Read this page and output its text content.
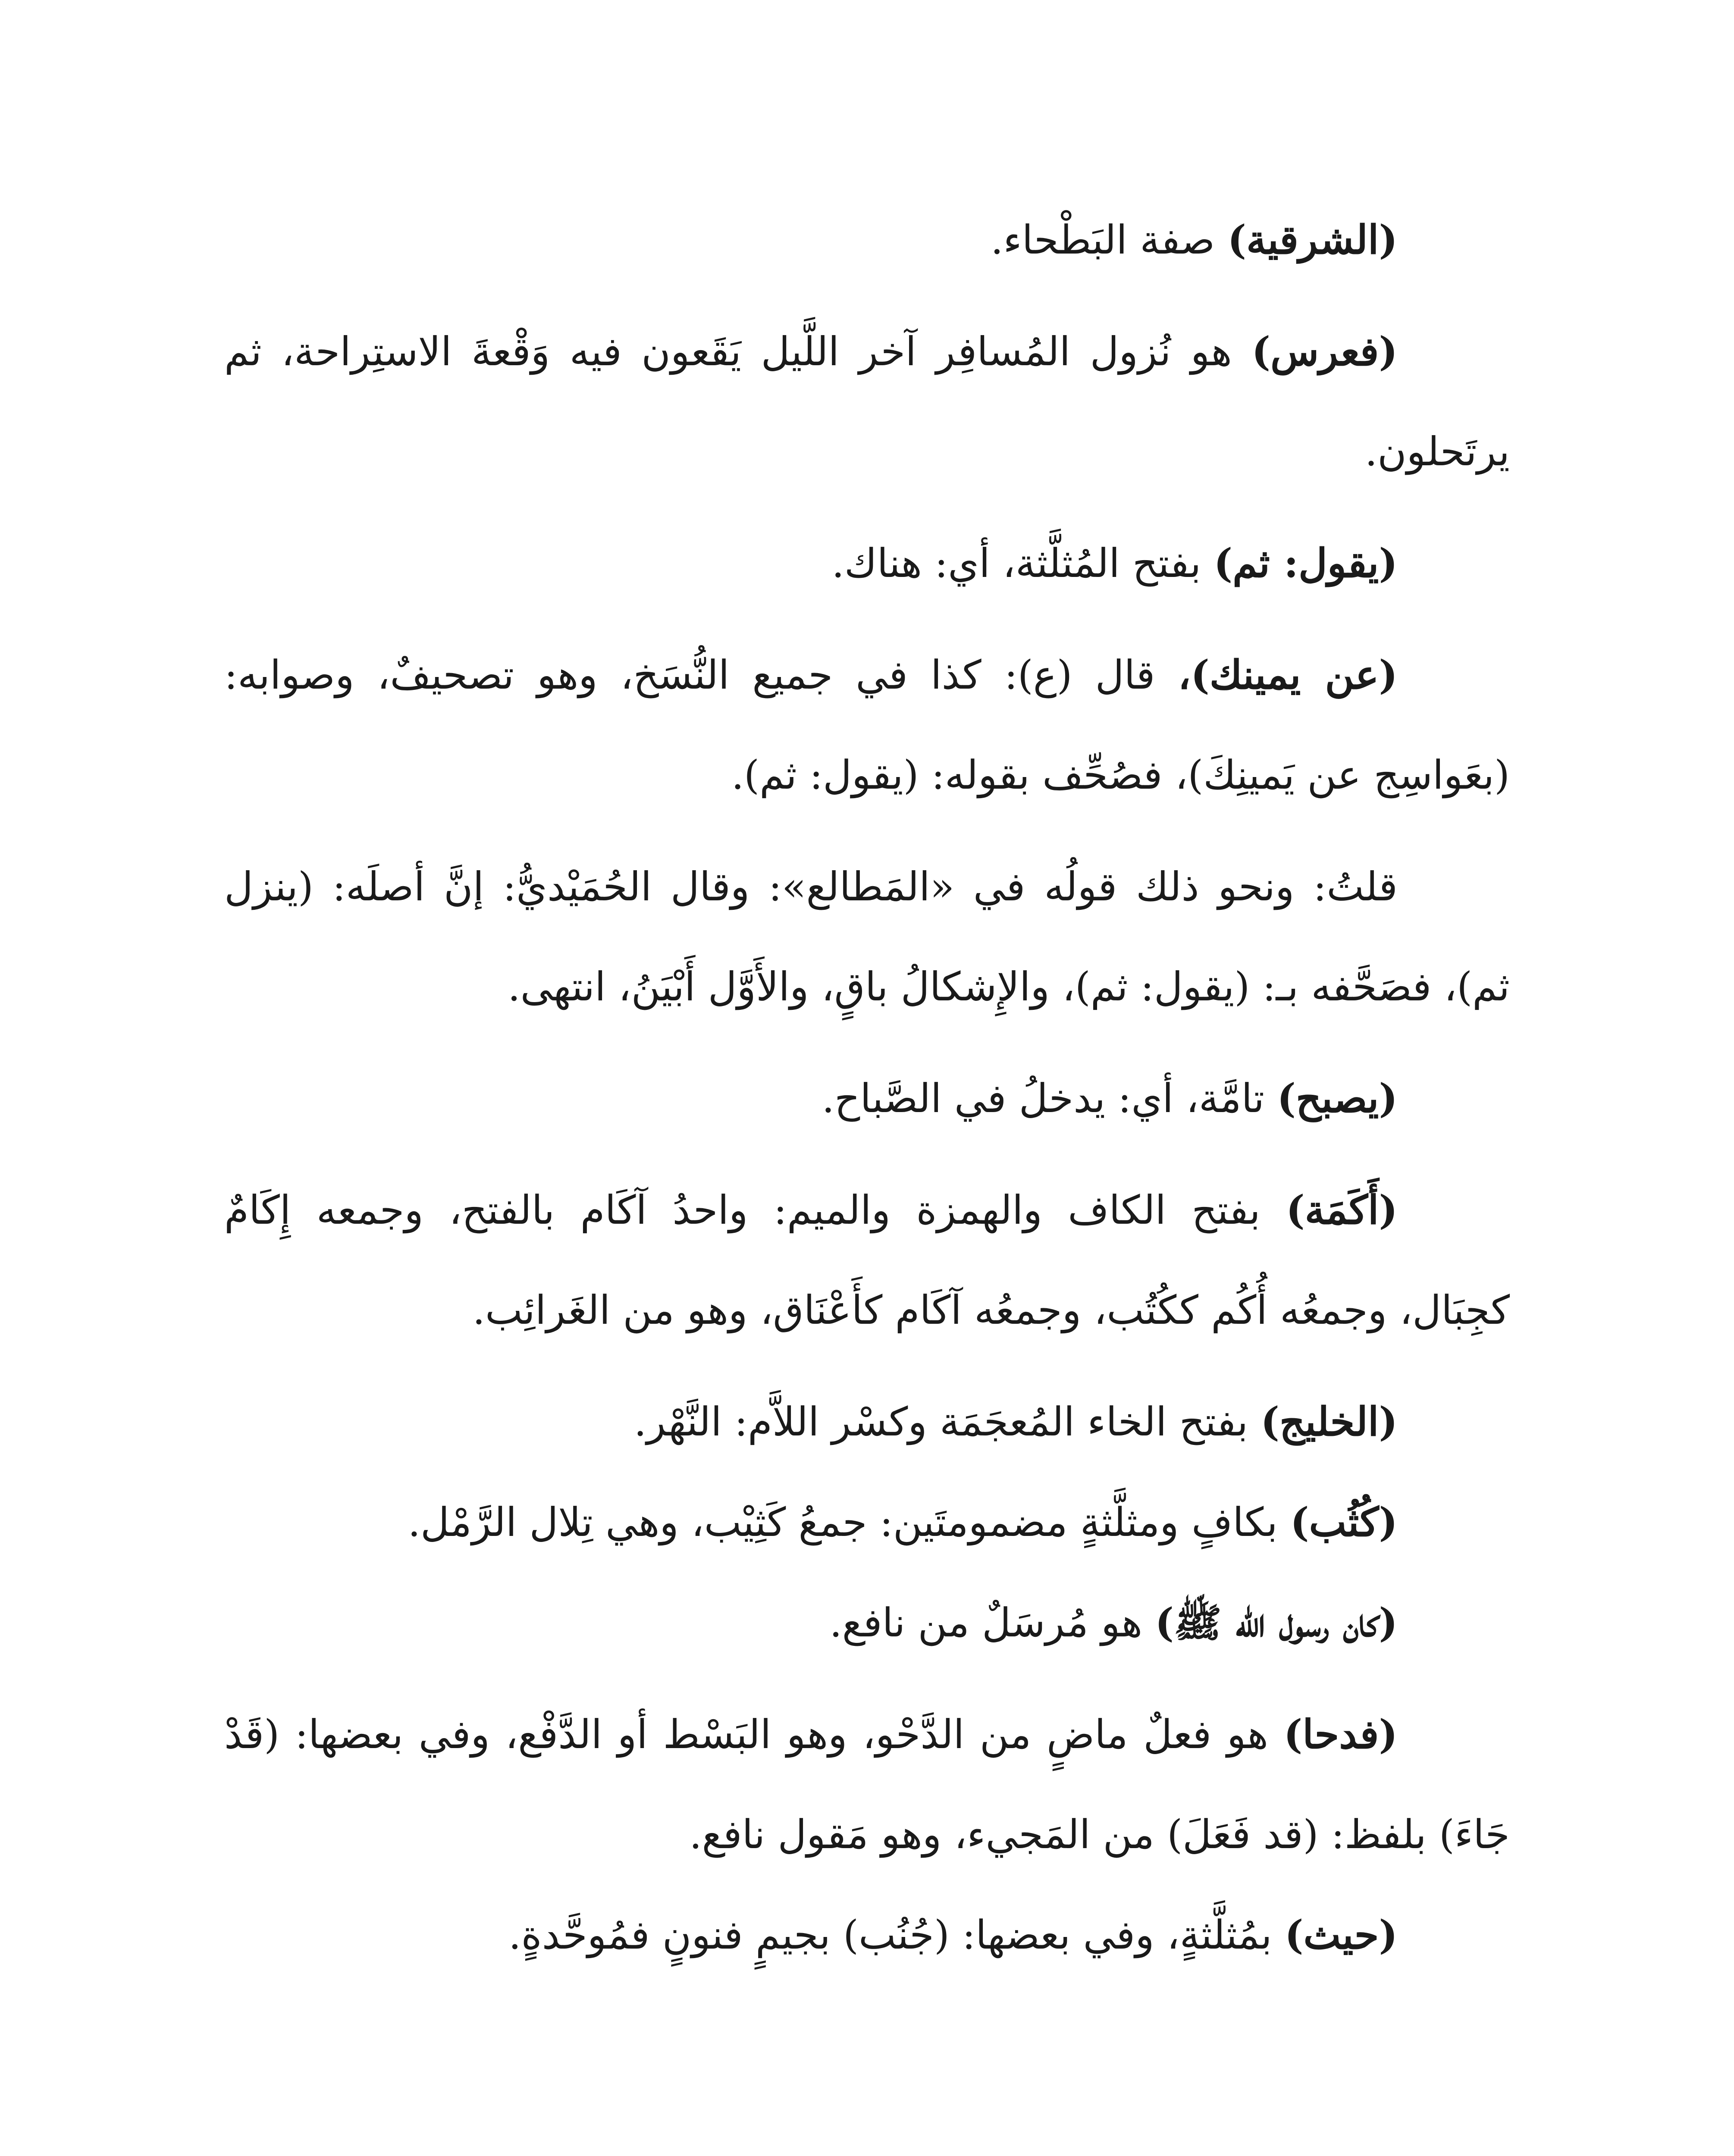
(الشرقية) صفة البَطْحاء.

(فعرس) هو نُزول المُسافِر آخر اللَّيل يَقَعون فيه وَقْعةَ الاستِراحة، ثم يرتَحلون.

(يقول: ثم) بفتح المُثلَّثة، أي: هناك.

(عن يمينك)، قال (ع): كذا في جميع النُّسَخ، وهو تصحيفٌ، وصوابه: (بعَواسِج عن يَمينِكَ)، فصُحِّف بقوله: (يقول: ثم).

قلتُ: ونحو ذلك قولُه في «المَطالع»: وقال الحُمَيْديُّ: إنَّ أصلَه: (ينزل ثم)، فصَحَّفه بـ: (يقول: ثم)، والإِشكالُ باقٍ، والأَوَّل أَبْيَنُ، انتهى.

(يصبح) تامَّة، أي: يدخلُ في الصَّباح.

(أَكَمَة) بفتح الكاف والهمزة والميم: واحدُ آكَام بالفتح، وجمعه إِكَامٌ كجِبَال، وجمعُه أُكُم ككُتُب، وجمعُه آكَام كأَعْنَاق، وهو من الغَرائِب.

(الخليج) بفتح الخاء المُعجَمَة وكسْر اللاَّم: النَّهْر.

(كُثُب) بكافٍ ومثلَّثةٍ مضمومتَين: جمعُ كَثِيْب، وهي تِلال الرَّمْل.

(كان رسول الله ﷺ) هو مُرسَلٌ من نافع.

(فدحا) هو فعلٌ ماضٍ من الدَّحْو، وهو البَسْط أو الدَّفْع، وفي بعضها: (قَدْ جَاءَ) بلفظ: (قد فَعَلَ) من المَجيء، وهو مَقول نافع.

(حيث) بمُثلَّثةٍ، وفي بعضها: (جُنُب) بجيمٍ فنونٍ فمُوحَّدةٍ.
